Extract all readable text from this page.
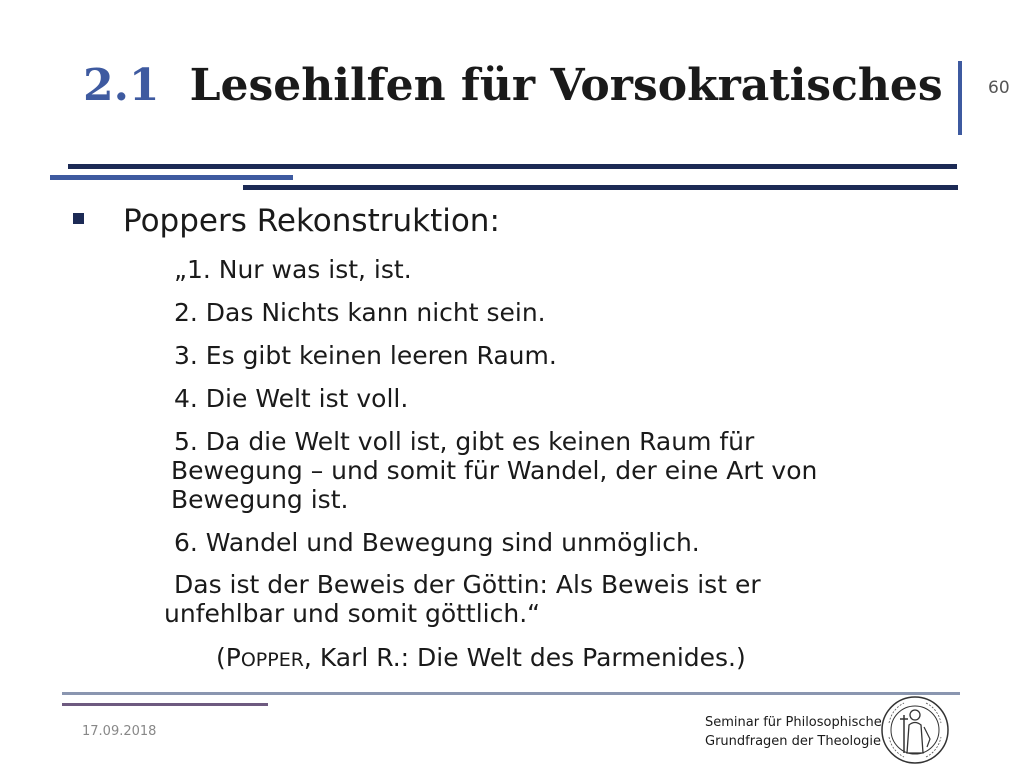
2.1 Lesehilfen für Vorsokratisches	60
Poppers Rekonstruktion:
„1. Nur was ist, ist.
2. Das Nichts kann nicht sein.
3. Es gibt keinen leeren Raum.
4. Die Welt ist voll.
5. Da die Welt voll ist, gibt es keinen Raum für
Bewegung – und somit für Wandel, der eine Art von
Bewegung ist.
6. Wandel und Bewegung sind unmöglich.
Das ist der Beweis der Göttin: Als Beweis ist er
unfehlbar und somit göttlich.“
(POPPER, Karl R.: Die Welt des Parmenides.)
17.09.2018
Seminar für Philosophische
Grundfragen der Theologie
